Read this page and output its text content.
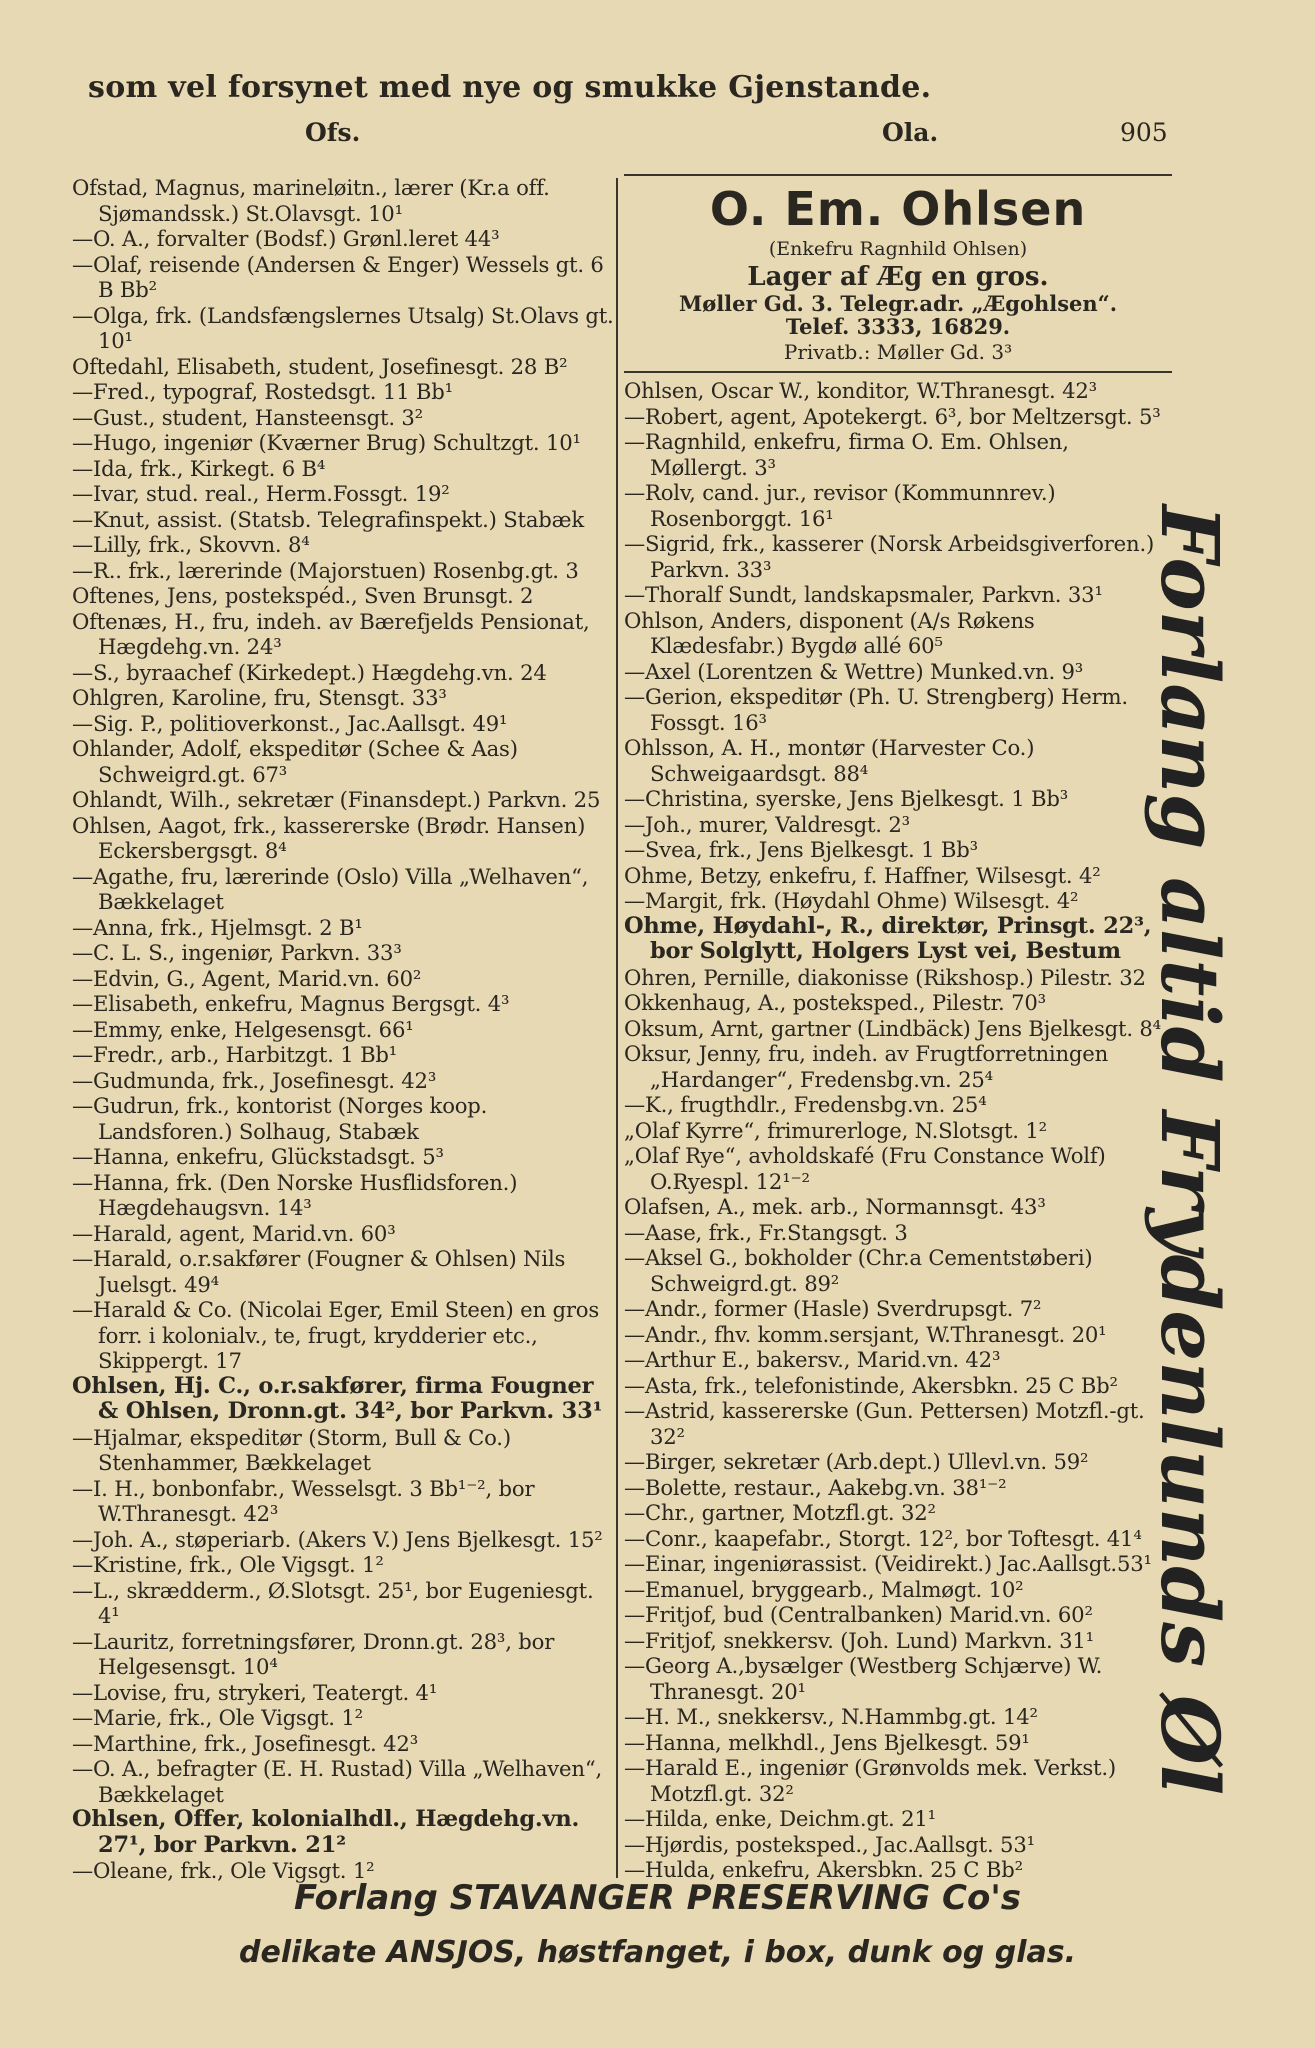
som vel forsynet med nye og smukke Gjenstande.
Ofs.	Ola.	905
Ofstad, Magnus, marineløitn., lærer (Kr.a off. Sjømandssk.) St.Olavsgt. 10¹
—O. A., forvalter (Bodsf.) Grønl.leret 44³
—Olaf, reisende (Andersen & Enger) Wessels gt. 6 B Bb²
—Olga, frk. (Landsfængslernes Utsalg) St.Olavs gt. 10¹
Oftedahl, Elisabeth, student, Josefinesgt. 28 B²
—Fred., typograf, Rostedsgt. 11 Bb¹
—Gust., student, Hansteensgt. 3²
—Hugo, ingeniør (Kværner Brug) Schultzgt. 10¹
—Ida, frk., Kirkegt. 6 B⁴
—Ivar, stud. real., Herm.Fossgt. 19²
—Knut, assist. (Statsb. Telegrafinspekt.) Stabæk
—Lilly, frk., Skovvn. 8⁴
—R.. frk., lærerinde (Majorstuen) Rosenbg.gt. 3
Oftenes, Jens, postekspéd., Sven Brunsgt. 2
Oftenæs, H., fru, indeh. av Bærefjelds Pensionat, Hægdehg.vn. 24³
—S., byraachef (Kirkedept.) Hægdehg.vn. 24
Ohlgren, Karoline, fru, Stensgt. 33³
—Sig. P., politioverkonst., Jac.Aallsgt. 49¹
Ohlander, Adolf, ekspeditør (Schee & Aas) Schweigrd.gt. 67³
Ohlandt, Wilh., sekretær (Finansdept.) Parkvn. 25
Ohlsen, Aagot, frk., kassererske (Brødr. Hansen) Eckersbergsgt. 8⁴
—Agathe, fru, lærerinde (Oslo) Villa „Welhaven“, Bækkelaget
—Anna, frk., Hjelmsgt. 2 B¹
—C. L. S., ingeniør, Parkvn. 33³
—Edvin, G., Agent, Marid.vn. 60²
—Elisabeth, enkefru, Magnus Bergsgt. 4³
—Emmy, enke, Helgesensgt. 66¹
—Fredr., arb., Harbitzgt. 1 Bb¹
—Gudmunda, frk., Josefinesgt. 42³
—Gudrun, frk., kontorist (Norges koop. Landsforen.) Solhaug, Stabæk
—Hanna, enkefru, Glückstadsgt. 5³
—Hanna, frk. (Den Norske Husflidsforen.) Hægdehaugsvn. 14³
—Harald, agent, Marid.vn. 60³
—Harald, o.r.sakfører (Fougner & Ohlsen) Nils Juelsgt. 49⁴
—Harald & Co. (Nicolai Eger, Emil Steen) en gros forr. i kolonialv., te, frugt, krydderier etc., Skippergt. 17
Ohlsen, Hj. C., o.r.sakfører, firma Fougner & Ohlsen, Dronn.gt. 34², bor Parkvn. 33¹
—Hjalmar, ekspeditør (Storm, Bull & Co.) Stenhammer, Bækkelaget
—I. H., bonbonfabr., Wesselsgt. 3 Bb¹⁻², bor W.Thranesgt. 42³
—Joh. A., støperiarb. (Akers V.) Jens Bjelkesgt. 15²
—Kristine, frk., Ole Vigsgt. 1²
—L., skrædderm., Ø.Slotsgt. 25¹, bor Eugeniesgt. 4¹
—Lauritz, forretningsfører, Dronn.gt. 28³, bor Helgesensgt. 10⁴
—Lovise, fru, strykeri, Teatergt. 4¹
—Marie, frk., Ole Vigsgt. 1²
—Marthine, frk., Josefinesgt. 42³
—O. A., befragter (E. H. Rustad) Villa „Welhaven“, Bækkelaget
Ohlsen, Offer, kolonialhdl., Hægdehg.vn. 27¹, bor Parkvn. 21²
—Oleane, frk., Ole Vigsgt. 1²
O. Em. Ohlsen
(Enkefru Ragnhild Ohlsen)
Lager af Æg en gros.
Møller Gd. 3. Telegr.adr. „Ægohlsen“.
Telef. 3333, 16829.
Privatb.: Møller Gd. 3³
Ohlsen, Oscar W., konditor, W.Thranesgt. 42³
—Robert, agent, Apotekergt. 6³, bor Meltzersgt. 5³
—Ragnhild, enkefru, firma O. Em. Ohlsen, Møllergt. 3³
—Rolv, cand. jur., revisor (Kommunnrev.) Rosenborggt. 16¹
—Sigrid, frk., kasserer (Norsk Arbeidsgiverforen.) Parkvn. 33³
—Thoralf Sundt, landskapsmaler, Parkvn. 33¹
Ohlson, Anders, disponent (A/s Røkens Klædesfabr.) Bygdø allé 60⁵
—Axel (Lorentzen & Wettre) Munked.vn. 9³
—Gerion, ekspeditør (Ph. U. Strengberg) Herm. Fossgt. 16³
Ohlsson, A. H., montør (Harvester Co.) Schweigaardsgt. 88⁴
—Christina, syerske, Jens Bjelkesgt. 1 Bb³
—Joh., murer, Valdresgt. 2³
—Svea, frk., Jens Bjelkesgt. 1 Bb³
Ohme, Betzy, enkefru, f. Haffner, Wilsesgt. 4²
—Margit, frk. (Høydahl Ohme) Wilsesgt. 4²
Ohme, Høydahl-, R., direktør, Prinsgt. 22³, bor Solglytt, Holgers Lyst vei, Bestum
Ohren, Pernille, diakonisse (Rikshosp.) Pilestr. 32
Okkenhaug, A., posteksped., Pilestr. 70³
Oksum, Arnt, gartner (Lindbäck) Jens Bjelkesgt. 8⁴
Oksur, Jenny, fru, indeh. av Frugtforretningen „Hardanger“, Fredensbg.vn. 25⁴
—K., frugthdlr., Fredensbg.vn. 25⁴
„Olaf Kyrre“, frimurerloge, N.Slotsgt. 1²
„Olaf Rye“, avholdskafé (Fru Constance Wolf) O.Ryespl. 12¹⁻²
Olafsen, A., mek. arb., Normannsgt. 43³
—Aase, frk., Fr.Stangsgt. 3
—Aksel G., bokholder (Chr.a Cementstøberi) Schweigrd.gt. 89²
—Andr., former (Hasle) Sverdrupsgt. 7²
—Andr., fhv. komm.sersjant, W.Thranesgt. 20¹
—Arthur E., bakersv., Marid.vn. 42³
—Asta, frk., telefonistinde, Akersbkn. 25 C Bb²
—Astrid, kassererske (Gun. Pettersen) Motzfl.-gt. 32²
—Birger, sekretær (Arb.dept.) Ullevl.vn. 59²
—Bolette, restaur., Aakebg.vn. 38¹⁻²
—Chr., gartner, Motzfl.gt. 32²
—Conr., kaapefabr., Storgt. 12², bor Toftesgt. 41⁴
—Einar, ingeniørassist. (Veidirekt.) Jac.Aallsgt.53¹
—Emanuel, bryggearb., Malmøgt. 10²
—Fritjof, bud (Centralbanken) Marid.vn. 60²
—Fritjof, snekkersv. (Joh. Lund) Markvn. 31¹
—Georg A.,bysælger (Westberg Schjærve) W. Thranesgt. 20¹
—H. M., snekkersv., N.Hammbg.gt. 14²
—Hanna, melkhdl., Jens Bjelkesgt. 59¹
—Harald E., ingeniør (Grønvolds mek. Verkst.) Motzfl.gt. 32²
—Hilda, enke, Deichm.gt. 21¹
—Hjørdis, posteksped., Jac.Aallsgt. 53¹
—Hulda, enkefru, Akersbkn. 25 C Bb²
Forlang altid Frydenlunds Øl
Forlang STAVANGER PRESERVING Co's
delikate ANSJOS, høstfanget, i box, dunk og glas.
